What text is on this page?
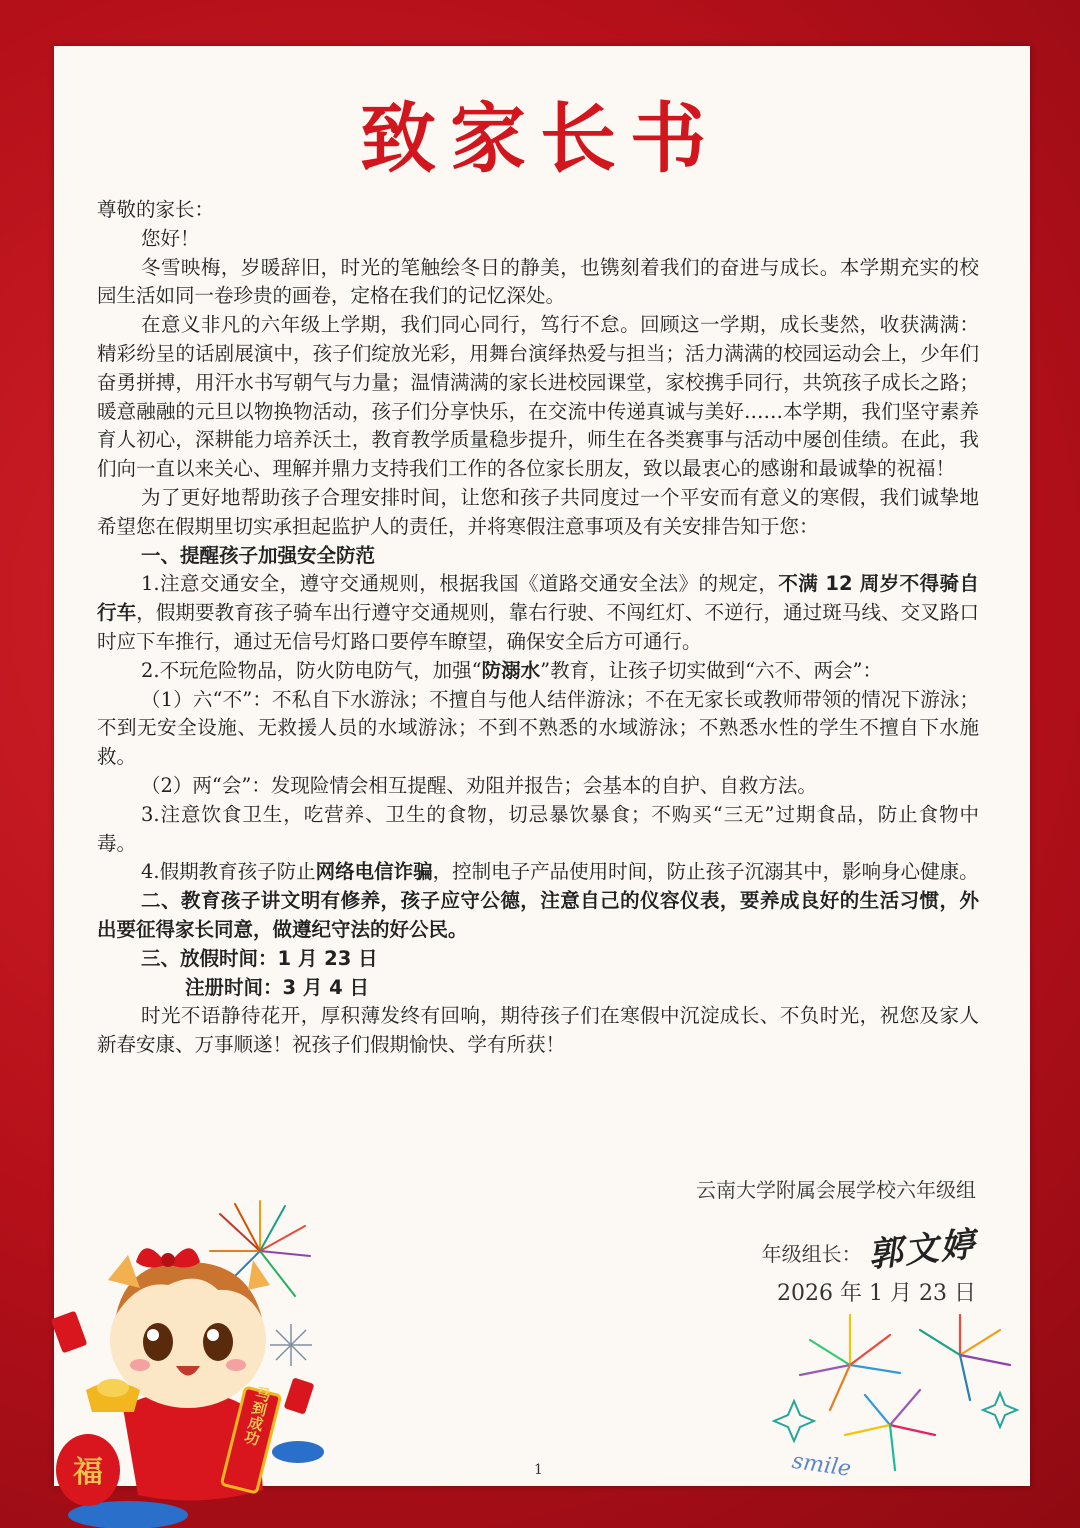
致家长书

尊敬的家长：

您好！

冬雪映梅，岁暖辞旧，时光的笔触绘冬日的静美，也镌刻着我们的奋进与成长。本学期充实的校园生活如同一卷珍贵的画卷，定格在我们的记忆深处。

在意义非凡的六年级上学期，我们同心同行，笃行不怠。回顾这一学期，成长斐然，收获满满：精彩纷呈的话剧展演中，孩子们绽放光彩，用舞台演绎热爱与担当；活力满满的校园运动会上，少年们奋勇拼搏，用汗水书写朝气与力量；温情满满的家长进校园课堂，家校携手同行，共筑孩子成长之路；暖意融融的元旦以物换物活动，孩子们分享快乐，在交流中传递真诚与美好……本学期，我们坚守素养育人初心，深耕能力培养沃土，教育教学质量稳步提升，师生在各类赛事与活动中屡创佳绩。在此，我们向一直以来关心、理解并鼎力支持我们工作的各位家长朋友，致以最衷心的感谢和最诚挚的祝福！

为了更好地帮助孩子合理安排时间，让您和孩子共同度过一个平安而有意义的寒假，我们诚挚地希望您在假期里切实承担起监护人的责任，并将寒假注意事项及有关安排告知于您：

一、提醒孩子加强安全防范

1.注意交通安全，遵守交通规则，根据我国《道路交通安全法》的规定，不满 12 周岁不得骑自行车，假期要教育孩子骑车出行遵守交通规则，靠右行驶、不闯红灯、不逆行，通过斑马线、交叉路口时应下车推行，通过无信号灯路口要停车瞭望，确保安全后方可通行。

2.不玩危险物品，防火防电防气，加强“防溺水”教育，让孩子切实做到“六不、两会”：

（1）六“不”：不私自下水游泳；不擅自与他人结伴游泳；不在无家长或教师带领的情况下游泳；不到无安全设施、无救援人员的水域游泳；不到不熟悉的水域游泳；不熟悉水性的学生不擅自下水施救。

（2）两“会”：发现险情会相互提醒、劝阻并报告；会基本的自护、自救方法。

3.注意饮食卫生，吃营养、卫生的食物，切忌暴饮暴食；不购买“三无”过期食品，防止食物中毒。

4.假期教育孩子防止网络电信诈骗，控制电子产品使用时间，防止孩子沉溺其中，影响身心健康。

二、教育孩子讲文明有修养，孩子应守公德，注意自己的仪容仪表，要养成良好的生活习惯，外出要征得家长同意，做遵纪守法的好公民。

三、放假时间：1 月 23 日

注册时间：3 月 4 日

时光不语静待花开，厚积薄发终有回响，期待孩子们在寒假中沉淀成长、不负时光，祝您及家人新春安康、万事顺遂！祝孩子们假期愉快、学有所获！

云南大学附属会展学校六年级组
年级组长： 郭文婷
2026 年 1 月 23 日
1
福
马到成功
smile
